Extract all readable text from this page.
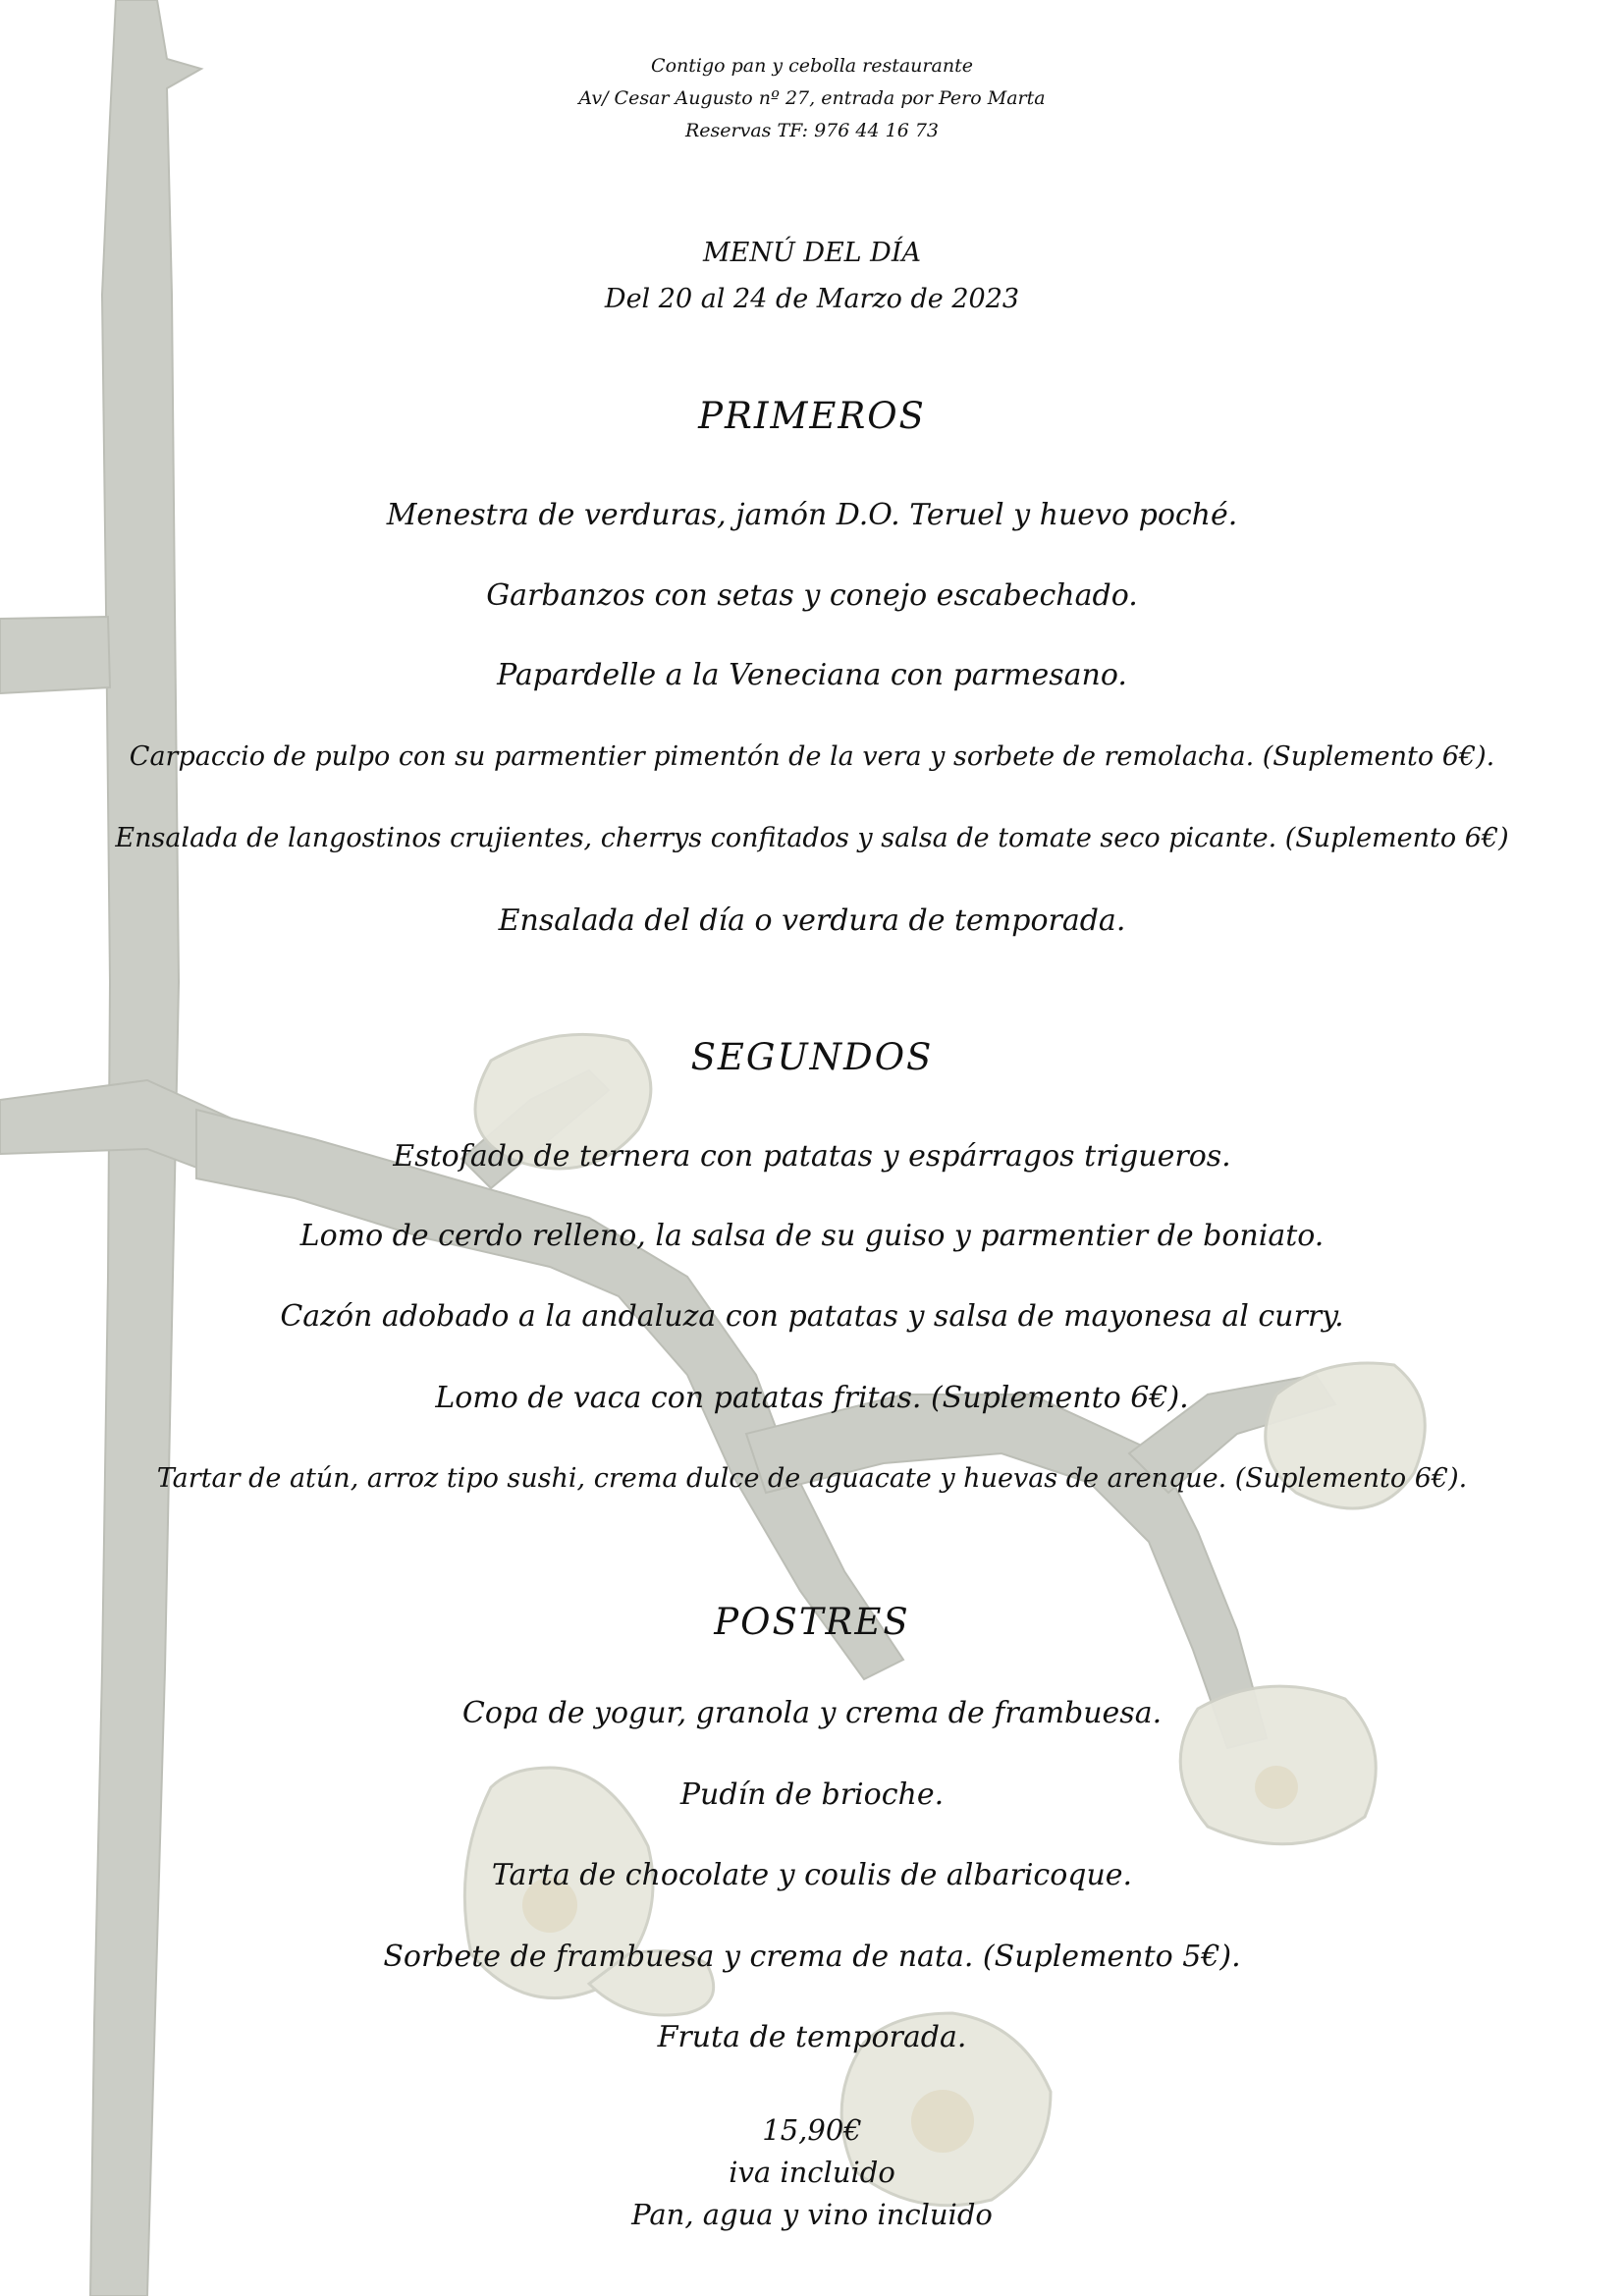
Contigo pan y cebolla restaurante
Av/ Cesar Augusto nº 27, entrada por Pero Marta
Reservas TF: 976 44 16 73
MENÚ DEL DÍA
Del 20 al 24 de Marzo de 2023
PRIMEROS
Menestra de verduras, jamón D.O. Teruel y huevo poché.
Garbanzos con setas y conejo escabechado.
Papardelle a la Veneciana con parmesano.
Carpaccio de pulpo con su parmentier pimentón de la vera y sorbete de remolacha. (Suplemento 6€).
Ensalada de langostinos crujientes, cherrys confitados y salsa de tomate seco picante. (Suplemento 6€)
Ensalada del día o verdura de temporada.
SEGUNDOS
Estofado de ternera con patatas y espárragos trigueros.
Lomo de cerdo relleno, la salsa de su guiso y parmentier de boniato.
Cazón adobado a la andaluza con patatas y salsa de mayonesa al curry.
Lomo de vaca con patatas fritas. (Suplemento 6€).
Tartar de atún, arroz tipo sushi, crema dulce de aguacate y huevas de arenque. (Suplemento 6€).
POSTRES
Copa de yogur, granola y crema de frambuesa.
Pudín de brioche.
Tarta de chocolate y coulis de albaricoque.
Sorbete de frambuesa y crema de nata. (Suplemento 5€).
Fruta de temporada.
15,90€
iva incluido
Pan, agua y vino incluido
